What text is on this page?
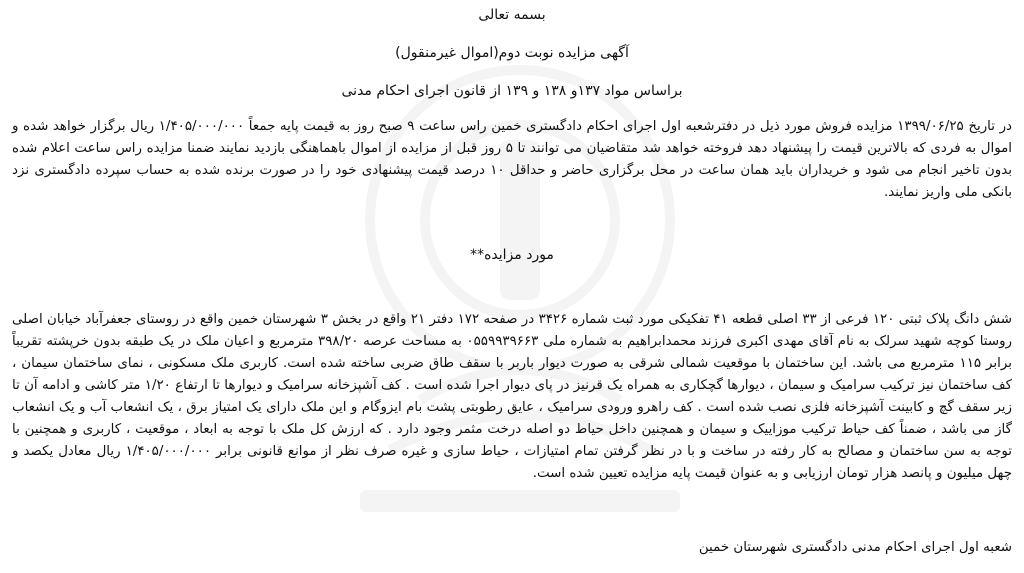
بسمه تعالی
آگهی مزایده نوبت دوم(اموال غیرمنقول)
براساس مواد ۱۳۷و ۱۳۸ و ۱۳۹ از قانون اجرای احکام مدنی
در تاریخ ۱۳۹۹/۰۶/۲۵ مزایده فروش مورد ذیل در دفترشعبه اول اجرای احکام دادگستری خمین راس ساعت ۹ صبح روز به قیمت پایه جمعاً ۱/۴۰۵/۰۰۰/۰۰۰ ریال برگزار خواهد شده و اموال به فردی که بالاترین قیمت را پیشنهاد دهد فروخته خواهد شد متقاضیان می توانند تا ۵ روز قبل از مزایده از اموال باهماهنگی بازدید نمایند ضمنا مزایده راس ساعت اعلام شده بدون تاخیر انجام می شود و خریداران باید همان ساعت در محل برگزاری حاضر و حداقل ۱۰ درصد قیمت پیشنهادی خود را در صورت برنده شده به حساب سپرده دادگستری نزد بانکی ملی واریز نمایند.
مورد مزایده**
شش دانگ پلاک ثبتی ۱۲۰ فرعی از ۳۳ اصلی قطعه ۴۱ تفکیکی مورد ثبت شماره ۳۴۲۶ در صفحه ۱۷۲ دفتر ۲۱ واقع در بخش ۳ شهرستان خمین واقع در روستای جعفرآباد خیابان اصلی روستا کوچه شهید سرلک به نام آقای مهدی اکبری فرزند محمدابراهیم به شماره ملی ۰۵۵۹۹۳۹۶۶۳ به مساحت عرصه ۳۹۸/۲۰ مترمربع و اعیان ملک در یک طبقه بدون خرپشته تقریباً برابر ۱۱۵ مترمربع می باشد. این ساختمان با موقعیت شمالی شرقی به صورت دیوار باربر با سقف طاق ضربی ساخته شده است. کاربری ملک مسکونی ، نمای ساختمان سیمان ، کف ساختمان نیز ترکیب سرامیک و سیمان ، دیوارها گچکاری به همراه یک قرنیز در پای دیوار اجرا شده است . کف آشپزخانه سرامیک و دیوارها تا ارتفاع ۱/۲۰ متر کاشی و ادامه آن تا زیر سقف گچ و کابینت آشپزخانه فلزی نصب شده است . کف راهرو ورودی سرامیک ، عایق رطوبتی پشت بام ایزوگام و این ملک دارای یک امتیاز برق ، یک انشعاب آب و یک انشعاب گاز می باشد ، ضمناً کف حیاط ترکیب موزاییک و سیمان و همچنین داخل حیاط دو اصله درخت مثمر وجود دارد . که ارزش کل ملک با توجه به ابعاد ، موقعیت ، کاربری و همچنین با توجه به سن ساختمان و مصالح به کار رفته در ساخت و با در نظر گرفتن تمام امتیازات ، حیاط سازی و غیره صرف نظر از موانع قانونی برابر ۱/۴۰۵/۰۰۰/۰۰۰ ریال معادل یکصد و چهل میلیون و پانصد هزار تومان ارزیابی و به عنوان قیمت پایه مزایده تعیین شده است.
شعبه اول اجرای احکام مدنی دادگستری شهرستان خمین
